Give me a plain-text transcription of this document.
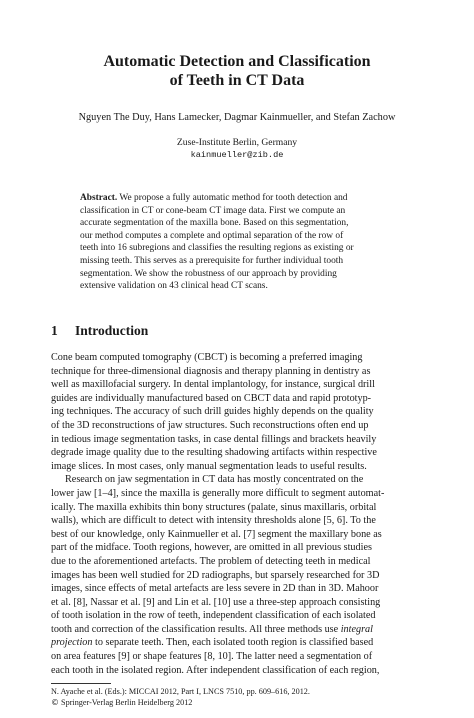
Automatic Detection and Classification
of Teeth in CT Data
Nguyen The Duy, Hans Lamecker, Dagmar Kainmueller, and Stefan Zachow
Zuse-Institute Berlin, Germany
kainmueller@zib.de
Abstract. We propose a fully automatic method for tooth detection and
classification in CT or cone-beam CT image data. First we compute an
accurate segmentation of the maxilla bone. Based on this segmentation,
our method computes a complete and optimal separation of the row of
teeth into 16 subregions and classifies the resulting regions as existing or
missing teeth. This serves as a prerequisite for further individual tooth
segmentation. We show the robustness of our approach by providing
extensive validation on 43 clinical head CT scans.
1 Introduction
Cone beam computed tomography (CBCT) is becoming a preferred imaging
technique for three-dimensional diagnosis and therapy planning in dentistry as
well as maxillofacial surgery. In dental implantology, for instance, surgical drill
guides are individually manufactured based on CBCT data and rapid prototyp-
ing techniques. The accuracy of such drill guides highly depends on the quality
of the 3D reconstructions of jaw structures. Such reconstructions often end up
in tedious image segmentation tasks, in case dental fillings and brackets heavily
degrade image quality due to the resulting shadowing artifacts within respective
image slices. In most cases, only manual segmentation leads to useful results.
Research on jaw segmentation in CT data has mostly concentrated on the
lower jaw [1–4], since the maxilla is generally more difficult to segment automat-
ically. The maxilla exhibits thin bony structures (palate, sinus maxillaris, orbital
walls), which are difficult to detect with intensity thresholds alone [5, 6]. To the
best of our knowledge, only Kainmueller et al. [7] segment the maxillary bone as
part of the midface. Tooth regions, however, are omitted in all previous studies
due to the aforementioned artefacts. The problem of detecting teeth in medical
images has been well studied for 2D radiographs, but sparsely researched for 3D
images, since effects of metal artefacts are less severe in 2D than in 3D. Mahoor
et al. [8], Nassar et al. [9] and Lin et al. [10] use a three-step approach consisting
of tooth isolation in the row of teeth, independent classification of each isolated
tooth and correction of the classification results. All three methods use integral
projection to separate teeth. Then, each isolated tooth region is classified based
on area features [9] or shape features [8, 10]. The latter need a segmentation of
each tooth in the isolated region. After independent classification of each region,
N. Ayache et al. (Eds.): MICCAI 2012, Part I, LNCS 7510, pp. 609–616, 2012.
© Springer-Verlag Berlin Heidelberg 2012
